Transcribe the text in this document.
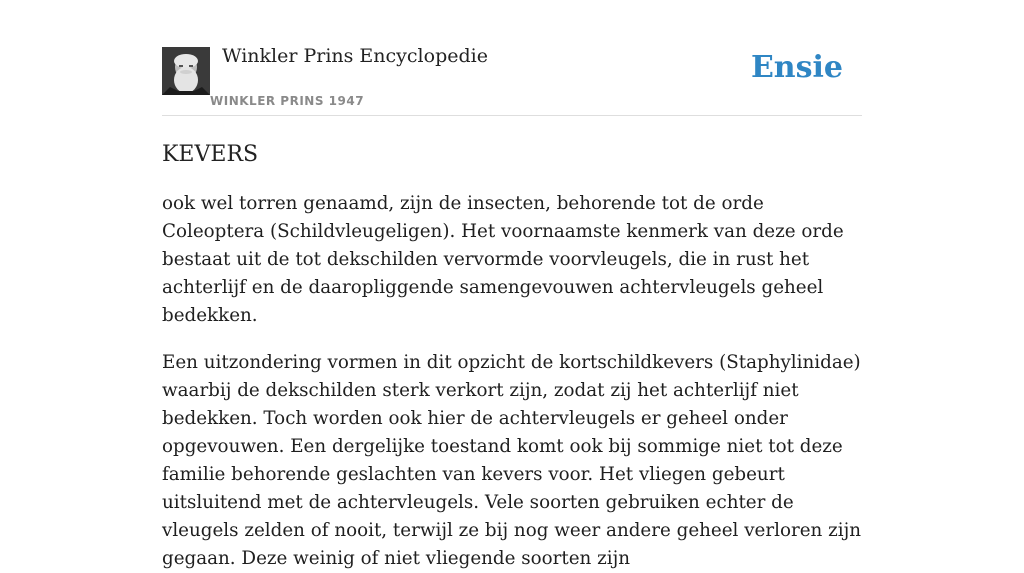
Winkler Prins Encyclopedie
WINKLER PRINS 1947
Ensie
KEVERS

ook wel torren genaamd, zijn de insecten, behorende tot de orde Coleoptera (Schildvleugeligen). Het voornaamste kenmerk van deze orde bestaat uit de tot dekschilden vervormde voorvleugels, die in rust het achterlijf en de daaropliggende samengevouwen achtervleugels geheel bedekken.

Een uitzondering vormen in dit opzicht de kortschildkevers (Staphylinidae) waarbij de dekschilden sterk verkort zijn, zodat zij het achterlijf niet bedekken. Toch worden ook hier de achtervleugels er geheel onder opgevouwen. Een dergelijke toestand komt ook bij sommige niet tot deze familie behorende geslachten van kevers voor. Het vliegen gebeurt uitsluitend met de achtervleugels. Vele soorten gebruiken echter de vleugels zelden of nooit, terwijl ze bij nog weer andere geheel verloren zijn gegaan. Deze weinig of niet vliegende soorten zijn
